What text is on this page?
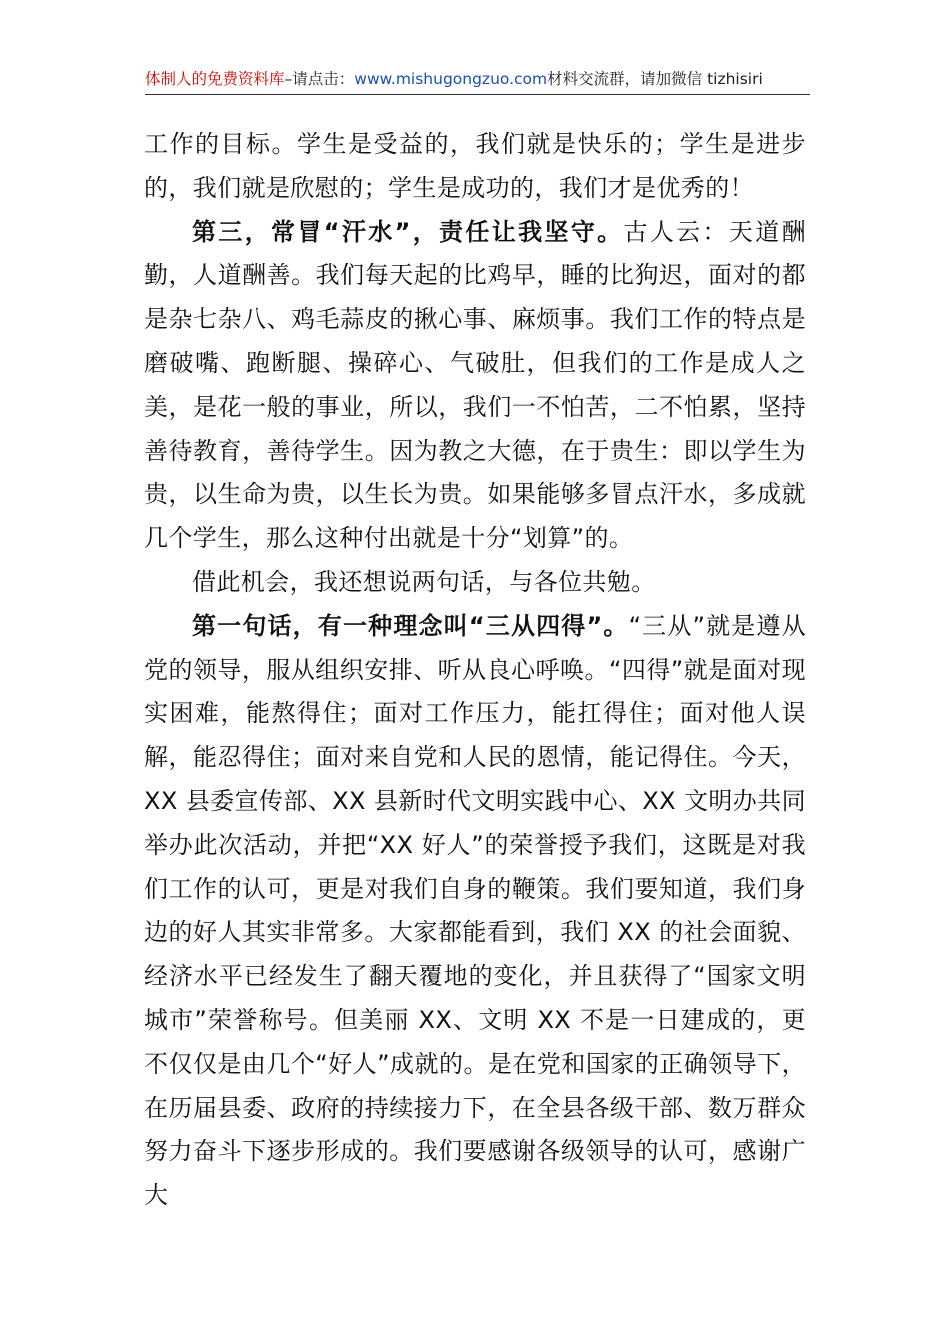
体制人的免费资料库–请点击：www.mishugongzuo.com材料交流群，请加微信 tizhisiri

工作的目标。学生是受益的，我们就是快乐的；学生是进步的，我们就是欣慰的；学生是成功的，我们才是优秀的！

第三，常冒“汗水”，责任让我坚守。古人云：天道酬勤，人道酬善。我们每天起的比鸡早，睡的比狗迟，面对的都是杂七杂八、鸡毛蒜皮的揪心事、麻烦事。我们工作的特点是磨破嘴、跑断腿、操碎心、气破肚，但我们的工作是成人之美，是花一般的事业，所以，我们一不怕苦，二不怕累，坚持善待教育，善待学生。因为教之大德，在于贵生：即以学生为贵，以生命为贵，以生长为贵。如果能够多冒点汗水，多成就几个学生，那么这种付出就是十分“划算”的。

借此机会，我还想说两句话，与各位共勉。

第一句话，有一种理念叫“三从四得”。“三从”就是遵从党的领导，服从组织安排、听从良心呼唤。“四得”就是面对现实困难，能熬得住；面对工作压力，能扛得住；面对他人误解，能忍得住；面对来自党和人民的恩情，能记得住。今天，XX 县委宣传部、XX 县新时代文明实践中心、XX 文明办共同举办此次活动，并把“XX 好人”的荣誉授予我们，这既是对我们工作的认可，更是对我们自身的鞭策。我们要知道，我们身边的好人其实非常多。大家都能看到，我们 XX 的社会面貌、经济水平已经发生了翻天覆地的变化，并且获得了“国家文明城市”荣誉称号。但美丽 XX、文明 XX 不是一日建成的，更不仅仅是由几个“好人”成就的。是在党和国家的正确领导下，在历届县委、政府的持续接力下，在全县各级干部、数万群众努力奋斗下逐步形成的。我们要感谢各级领导的认可，感谢广大
